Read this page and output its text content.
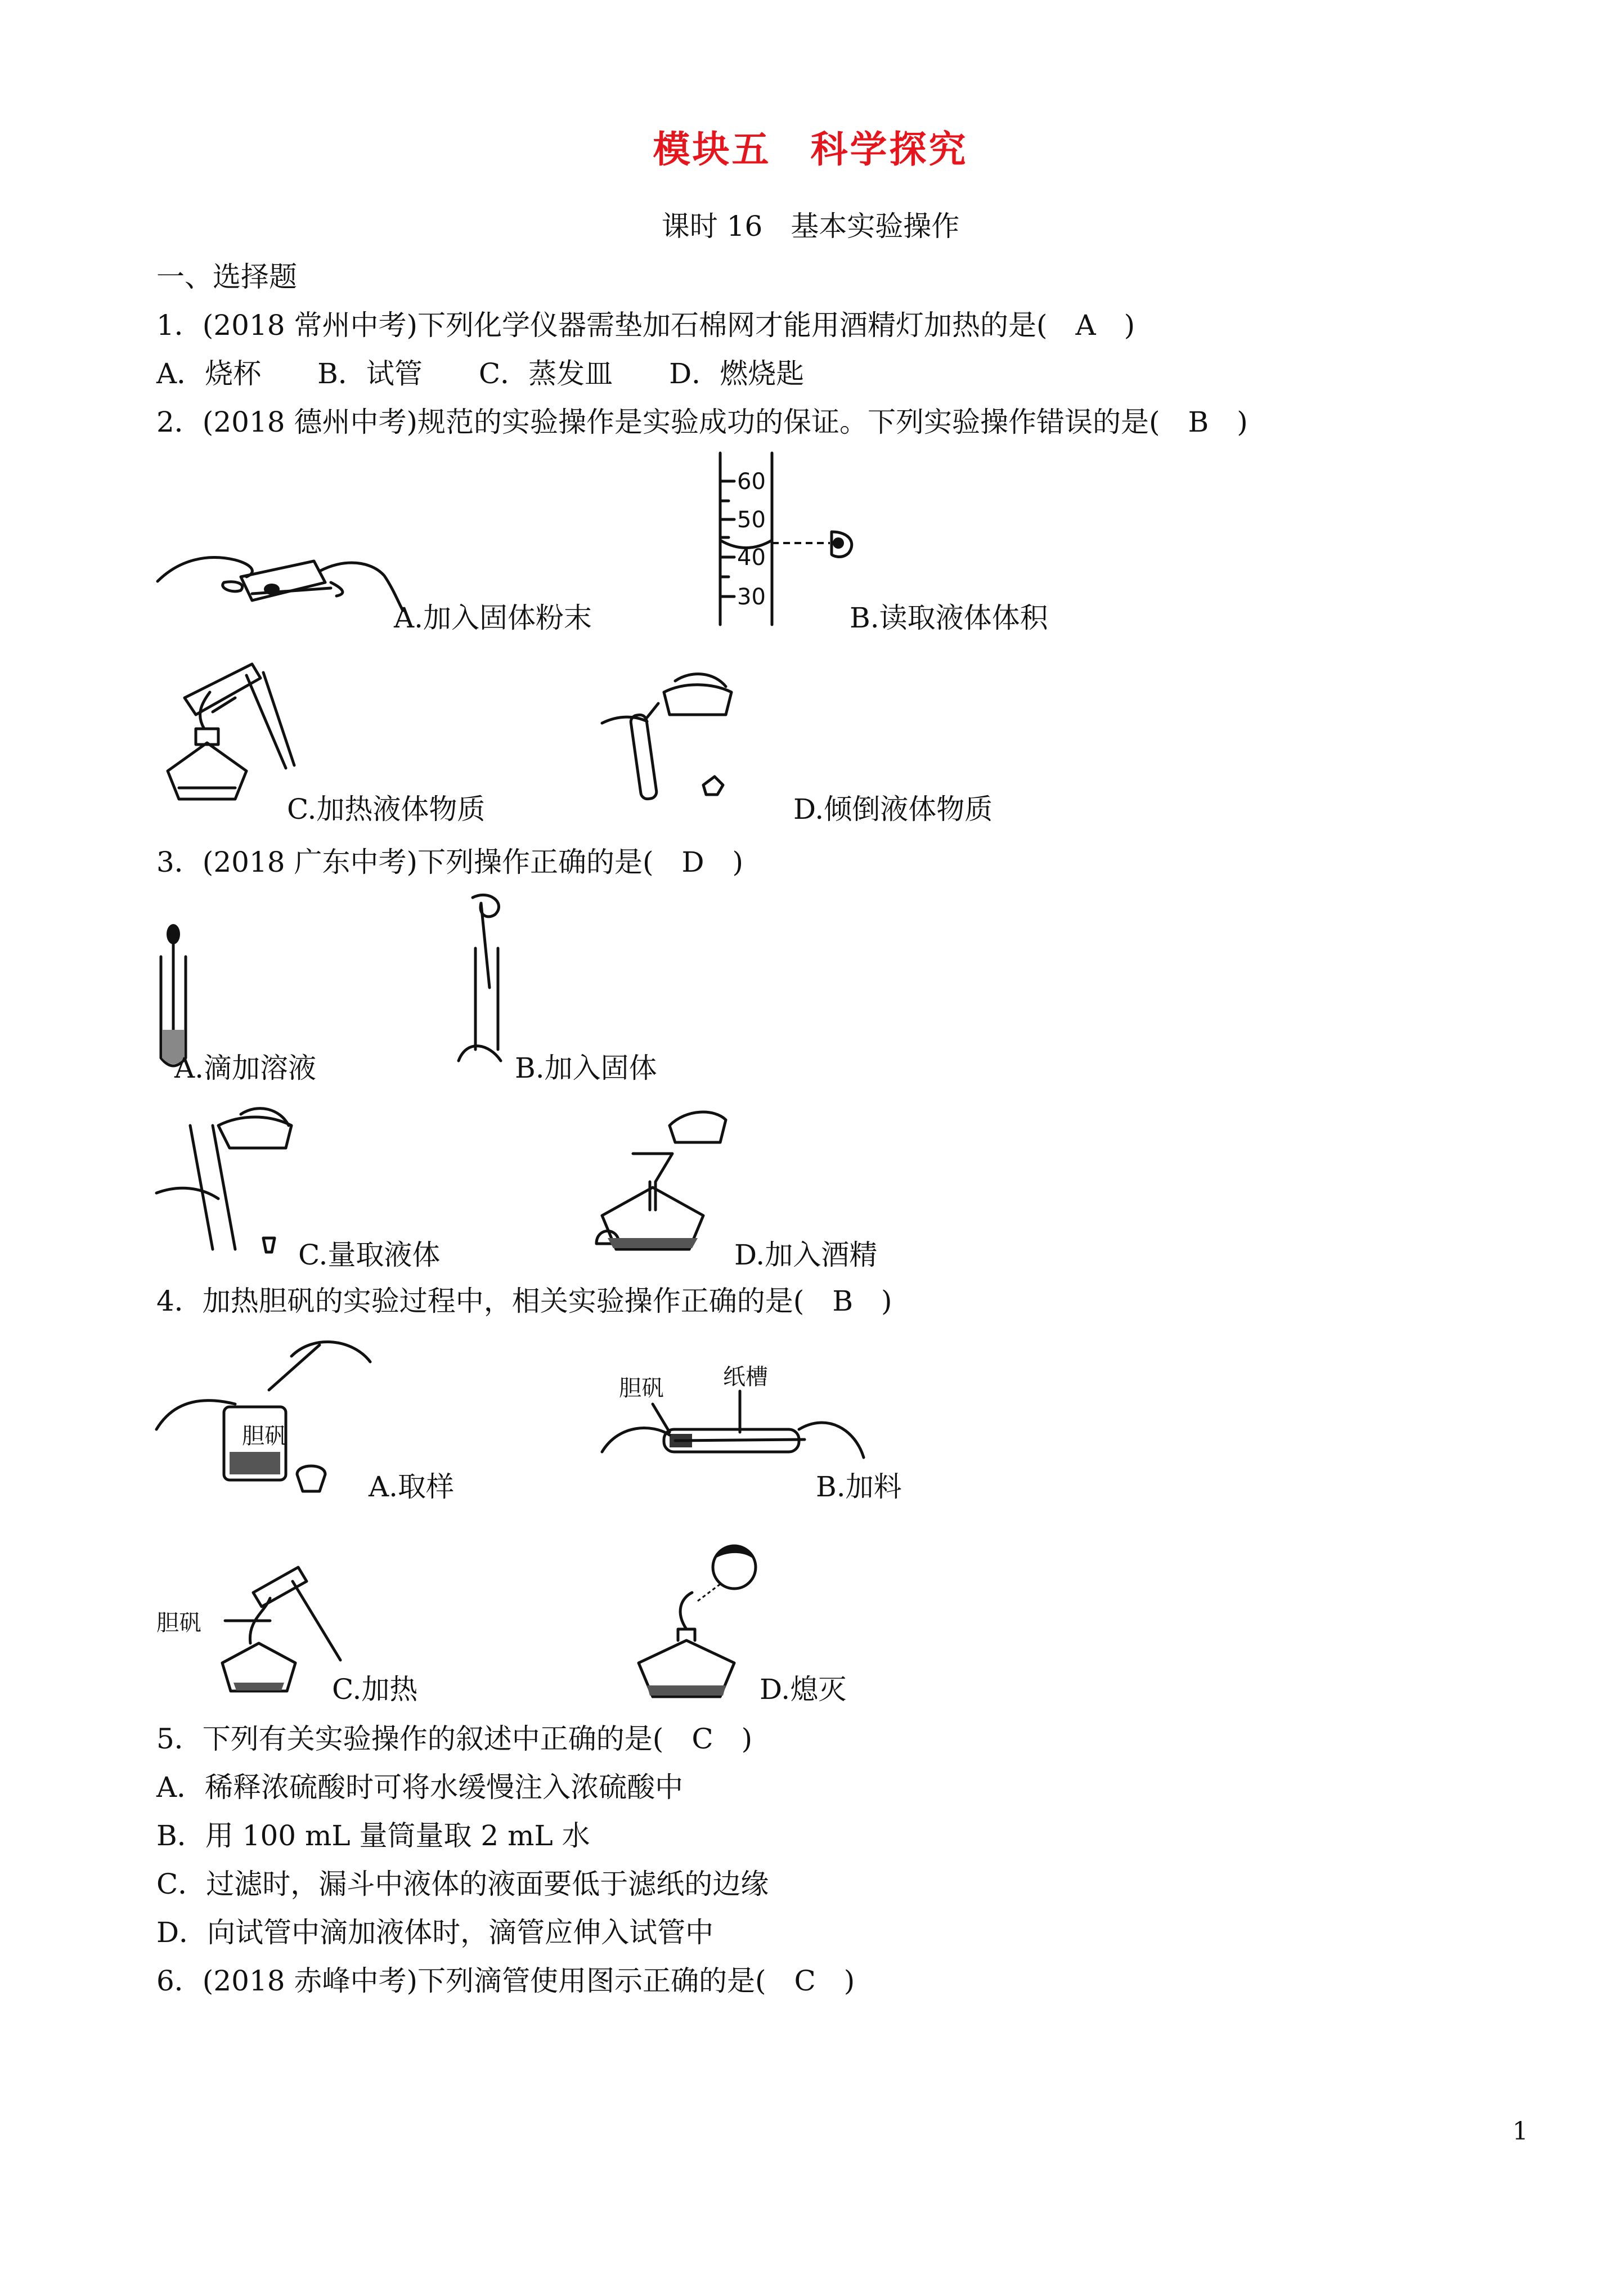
模块五　科学探究
课时 16　基本实验操作
一、选择题
1．(2018 常州中考)下列化学仪器需垫加石棉网才能用酒精灯加热的是(　A　)
A．烧杯　　B．试管　　C．蒸发皿　　D．燃烧匙
2．(2018 德州中考)规范的实验操作是实验成功的保证。下列实验操作错误的是(　B　)
A.加入固体粉末
60
50
40
30
B.读取液体体积
C.加热液体物质	D.倾倒液体物质
3．(2018 广东中考)下列操作正确的是(　D　)
A.滴加溶液	B.加入固体
C.量取液体	D.加入酒精
4．加热胆矾的实验过程中，相关实验操作正确的是(　B　)
胆矾
A.取样
胆矾	纸槽
B.加料
胆矾
C.加热	D.熄灭
5．下列有关实验操作的叙述中正确的是(　C　)
A．稀释浓硫酸时可将水缓慢注入浓硫酸中
B．用 100 mL 量筒量取 2 mL 水
C．过滤时，漏斗中液体的液面要低于滤纸的边缘
D．向试管中滴加液体时，滴管应伸入试管中
6．(2018 赤峰中考)下列滴管使用图示正确的是(　C　)
1
